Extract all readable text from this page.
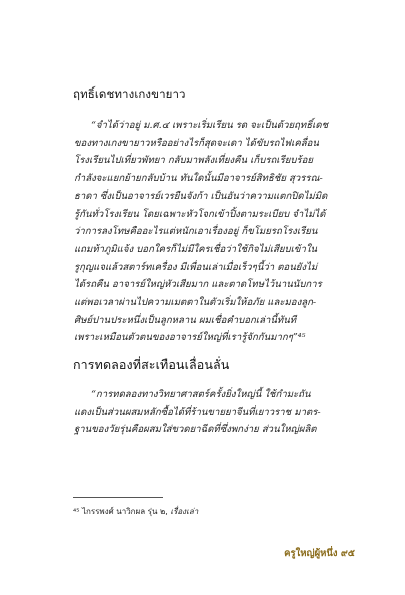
ฤทธิ์เดชทางเกงขายาว
“จำได้ว่าอยู่ ม.ศ.๔ เพราะเริ่มเรียน รด จะเป็นด้วยฤทธิ์เดช
ของทางเกงขายาวหรืออย่างไรก็สุดจะเดา ได้ขับรถไฟเคลื่อน
โรงเรียนไปเที่ยวพัทยา กลับมาพลังเที่ยงคืน เก็บรถเรียบร้อย
กำลังจะแยกย้ายกลับบ้าน ทันใดนั้นมีอาจารย์สิทธิชัย สุวรรณ-
ธาดา ซึ่งเป็นอาจารย์เวรยืนจังก้า เป็นอันว่าความแตกปิดไม่มิด
รู้กันทั่วโรงเรียน โดยเฉพาะหัวโจกเข้าปิ้งตามระเบียบ จำไม่ได้
ว่าการลงโทษคืออะไรแต่หนักเอาเรื่องอยู่ ก็ขโมยรถโรงเรียน
แถมท้าภูมิแจ้ง บอกใครก็ไม่มีใครเชื่อว่าใช้กิจไม่เสียบเข้าใน
รูกุญแจแล้วสตาร์ทเครื่อง มีเพื่อนเล่าเมื่อเร็วๆนี้ว่า ตอนยังไม่
ได้รถคืน อาจารย์ใหญ่หัวเสียมาก และตาดโทษไว้นานนับการ
แต่พอเวลาผ่านไปความเมตตาในตัวเริ่มให้อภัย และมองลูก-
ศิษย์ปานประหนึ่งเป็นลูกหลาน ผมเชื่อคำบอกเล่านี้ทันที
เพราะเหมือนตัวตนของอาจารย์ใหญ่ที่เรารู้จักกันมากๆ”⁴⁵
การทดลองที่สะเทือนเลื่อนลั่น
“การทดลองทางวิทยาศาสตร์ครั้งยิ่งใหญ่นี้ ใช้กำมะถัน
แดงเป็นส่วนผสมหลักซื้อได้ที่ร้านขายยาจีนที่เยาวราช มาตร-
ฐานของวัยรุ่นคือผสมใส่ขวดยาฉีดที่ซึ่งพกง่าย ส่วนใหญ่ผลิต
⁴⁵ ไกรรพงศ์ นาวิกผล รุ่น ๒, เรื่องเล่า
ครูใหญ่ผู้หนึ่ง ๙๕
